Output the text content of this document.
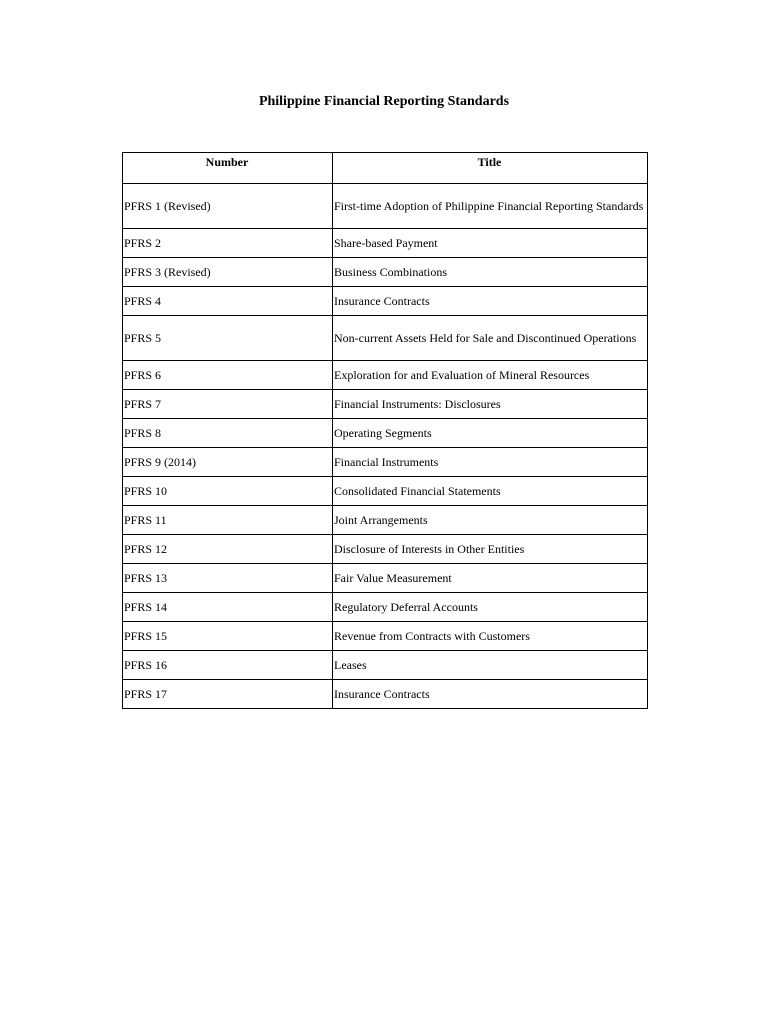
Philippine Financial Reporting Standards
Number	Title
PFRS 1 (Revised)	First-time Adoption of Philippine Financial Reporting Standards
PFRS 2	Share-based Payment
PFRS 3 (Revised)	Business Combinations
PFRS 4	Insurance Contracts
PFRS 5	Non-current Assets Held for Sale and Discontinued Operations
PFRS 6	Exploration for and Evaluation of Mineral Resources
PFRS 7	Financial Instruments: Disclosures
PFRS 8	Operating Segments
PFRS 9 (2014)	Financial Instruments
PFRS 10	Consolidated Financial Statements
PFRS 11	Joint Arrangements
PFRS 12	Disclosure of Interests in Other Entities
PFRS 13	Fair Value Measurement
PFRS 14	Regulatory Deferral Accounts
PFRS 15	Revenue from Contracts with Customers
PFRS 16	Leases
PFRS 17	Insurance Contracts
